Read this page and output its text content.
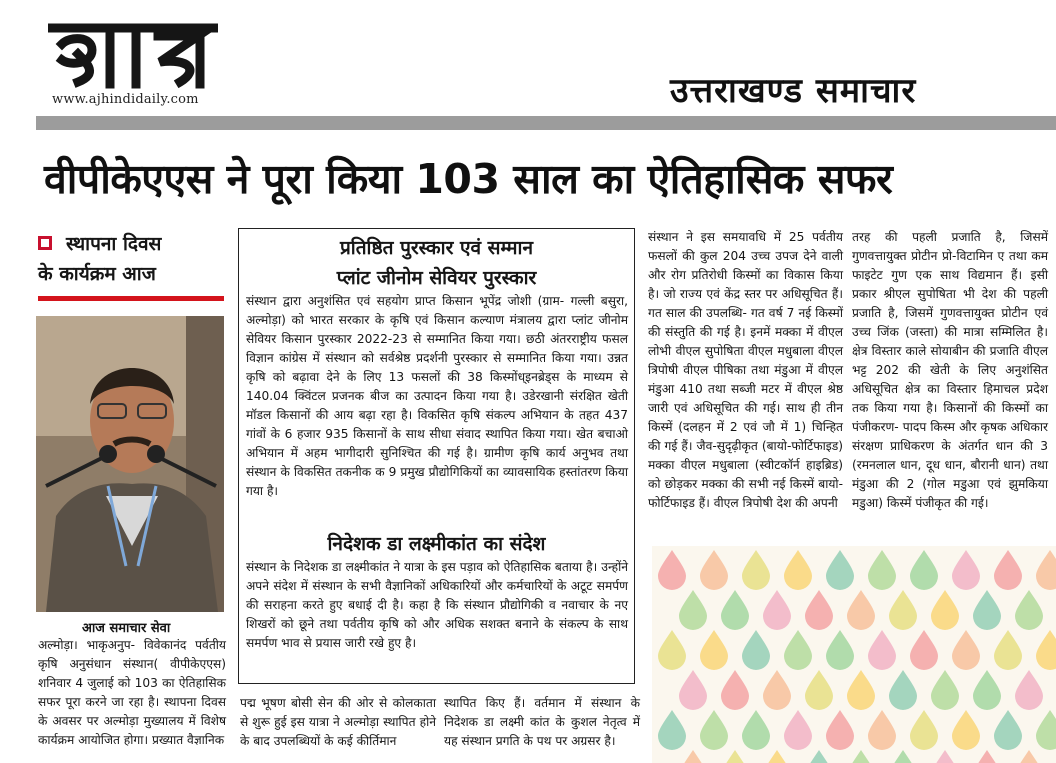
www.ajhindidaily.com	उत्तराखण्ड समाचार
वीपीकेएएस ने पूरा किया 103 साल का ऐतिहासिक सफर
स्थापना दिवस
के कार्यक्रम आज
आज समाचार सेवा
अल्मोड़ा। भाकृअनुप- विवेकानंद पर्वतीय कृषि अनुसंधान संस्थान( वीपीकेएएस) शनिवार 4 जुलाई को 103 का ऐतिहासिक सफर पूरा करने जा रहा है। स्थापना दिवस के अवसर पर अल्मोड़ा मुख्यालय में विशेष कार्यक्रम आयोजित होगा। प्रख्यात वैज्ञानिक
प्रतिष्ठित पुरस्कार एवं सम्मान
प्लांट जीनोम सेवियर पुरस्कार
संस्थान द्वारा अनुशंसित एवं सहयोग प्राप्त किसान भूपेंद्र जोशी (ग्राम- गल्ली बसुरा, अल्मोड़ा) को भारत सरकार के कृषि एवं किसान कल्याण मंत्रालय द्वारा प्लांट जीनोम सेवियर किसान पुरस्कार 2022-23 से सम्मानित किया गया। छठी अंतरराष्ट्रीय फसल विज्ञान कांग्रेस में संस्थान को सर्वश्रेष्ठ प्रदर्शनी पुरस्कार से सम्मानित किया गया। उन्नत कृषि को बढ़ावा देने के लिए 13 फसलों की 38 किस्मोंध्इनब्रेड्स के माध्यम से 140.04 क्विंटल प्रजनक बीज का उत्पादन किया गया है। उडेरखानी संरक्षित खेती मॉडल किसानों की आय बढ़ा रहा है। विकसित कृषि संकल्प अभियान के तहत 437 गांवों के 6 हजार 935 किसानों के साथ सीधा संवाद स्थापित किया गया। खेत बचाओ अभियान में अहम भागीदारी सुनिश्चित की गई है। ग्रामीण कृषि कार्य अनुभव तथा संस्थान के विकसित तकनीक क 9 प्रमुख प्रौद्योगिकियों का व्यावसायिक हस्तांतरण किया गया है।
निदेशक डा लक्ष्मीकांत का संदेश
संस्थान के निदेशक डा लक्ष्मीकांत ने यात्रा के इस पड़ाव को ऐतिहासिक बताया है। उन्होंने अपने संदेश में संस्थान के सभी वैज्ञानिकों अधिकारियों और कर्मचारियों के अटूट समर्पण की सराहना करते हुए बधाई दी है। कहा है कि संस्थान प्रौद्योगिकी व नवाचार के नए शिखरों को छूने तथा पर्वतीय कृषि को और अधिक सशक्त बनाने के संकल्प के साथ समर्पण भाव से प्रयास जारी रखे हुए है।
पद्म भूषण बोसी सेन की ओर से कोलकाता से शुरू हुई इस यात्रा ने अल्मोड़ा स्थापित होने के बाद उपलब्धियों के कई कीर्तिमान
स्थापित किए हैं। वर्तमान में संस्थान के निदेशक डा लक्ष्मी कांत के कुशल नेतृत्व में यह संस्थान प्रगति के पथ पर अग्रसर है।
संस्थान ने इस समयावधि में 25 पर्वतीय फसलों की कुल 204 उच्च उपज देने वाली और रोग प्रतिरोधी किस्मों का विकास किया है। जो राज्य एवं केंद्र स्तर पर अधिसूचित हैं। गत साल की उपलब्धि- गत वर्ष 7 नई किस्मों की संस्तुति की गई है। इनमें मक्का में वीएल लोभी वीएल सुपोषिता वीएल मधुबाला वीएल त्रिपोषी वीएल पीषिका तथा मंडुआ में वीएल मंडुआ 410 तथा सब्जी मटर में वीएल श्रेष्ठ जारी एवं अधिसूचित की गई। साथ ही तीन किस्में (दलहन में 2 एवं जौ में 1) चिन्हित की गई हैं। जैव-सुदृढ़ीकृत (बायो-फोर्टिफाइड) मक्का वीएल मधुबाला (स्वीटकॉर्न हाइब्रिड) को छोड़कर मक्का की सभी नई किस्में बायो-फोर्टिफाइड हैं। वीएल त्रिपोषी देश की अपनी
तरह की पहली प्रजाति है, जिसमें गुणवत्तायुक्त प्रोटीन प्रो-विटामिन ए तथा कम फाइटेट गुण एक साथ विद्यमान हैं। इसी प्रकार श्रीएल सुपोषिता भी देश की पहली प्रजाति है, जिसमें गुणवत्तायुक्त प्रोटीन एवं उच्च जिंक (जस्ता) की मात्रा सम्मिलित है। क्षेत्र विस्तार काले सोयाबीन की प्रजाति वीएल भट्ट 202 की खेती के लिए अनुशंसित अधिसूचित क्षेत्र का विस्तार हिमाचल प्रदेश तक किया गया है। किसानों की किस्मों का पंजीकरण- पादप किस्म और कृषक अधिकार संरक्षण प्राधिकरण के अंतर्गत धान की 3 (रमनलाल धान, दूध धान, बौरानी धान) तथा मंडुआ की 2 (गोल मडुआ एवं झुमकिया मडुआ) किस्में पंजीकृत की गई।
